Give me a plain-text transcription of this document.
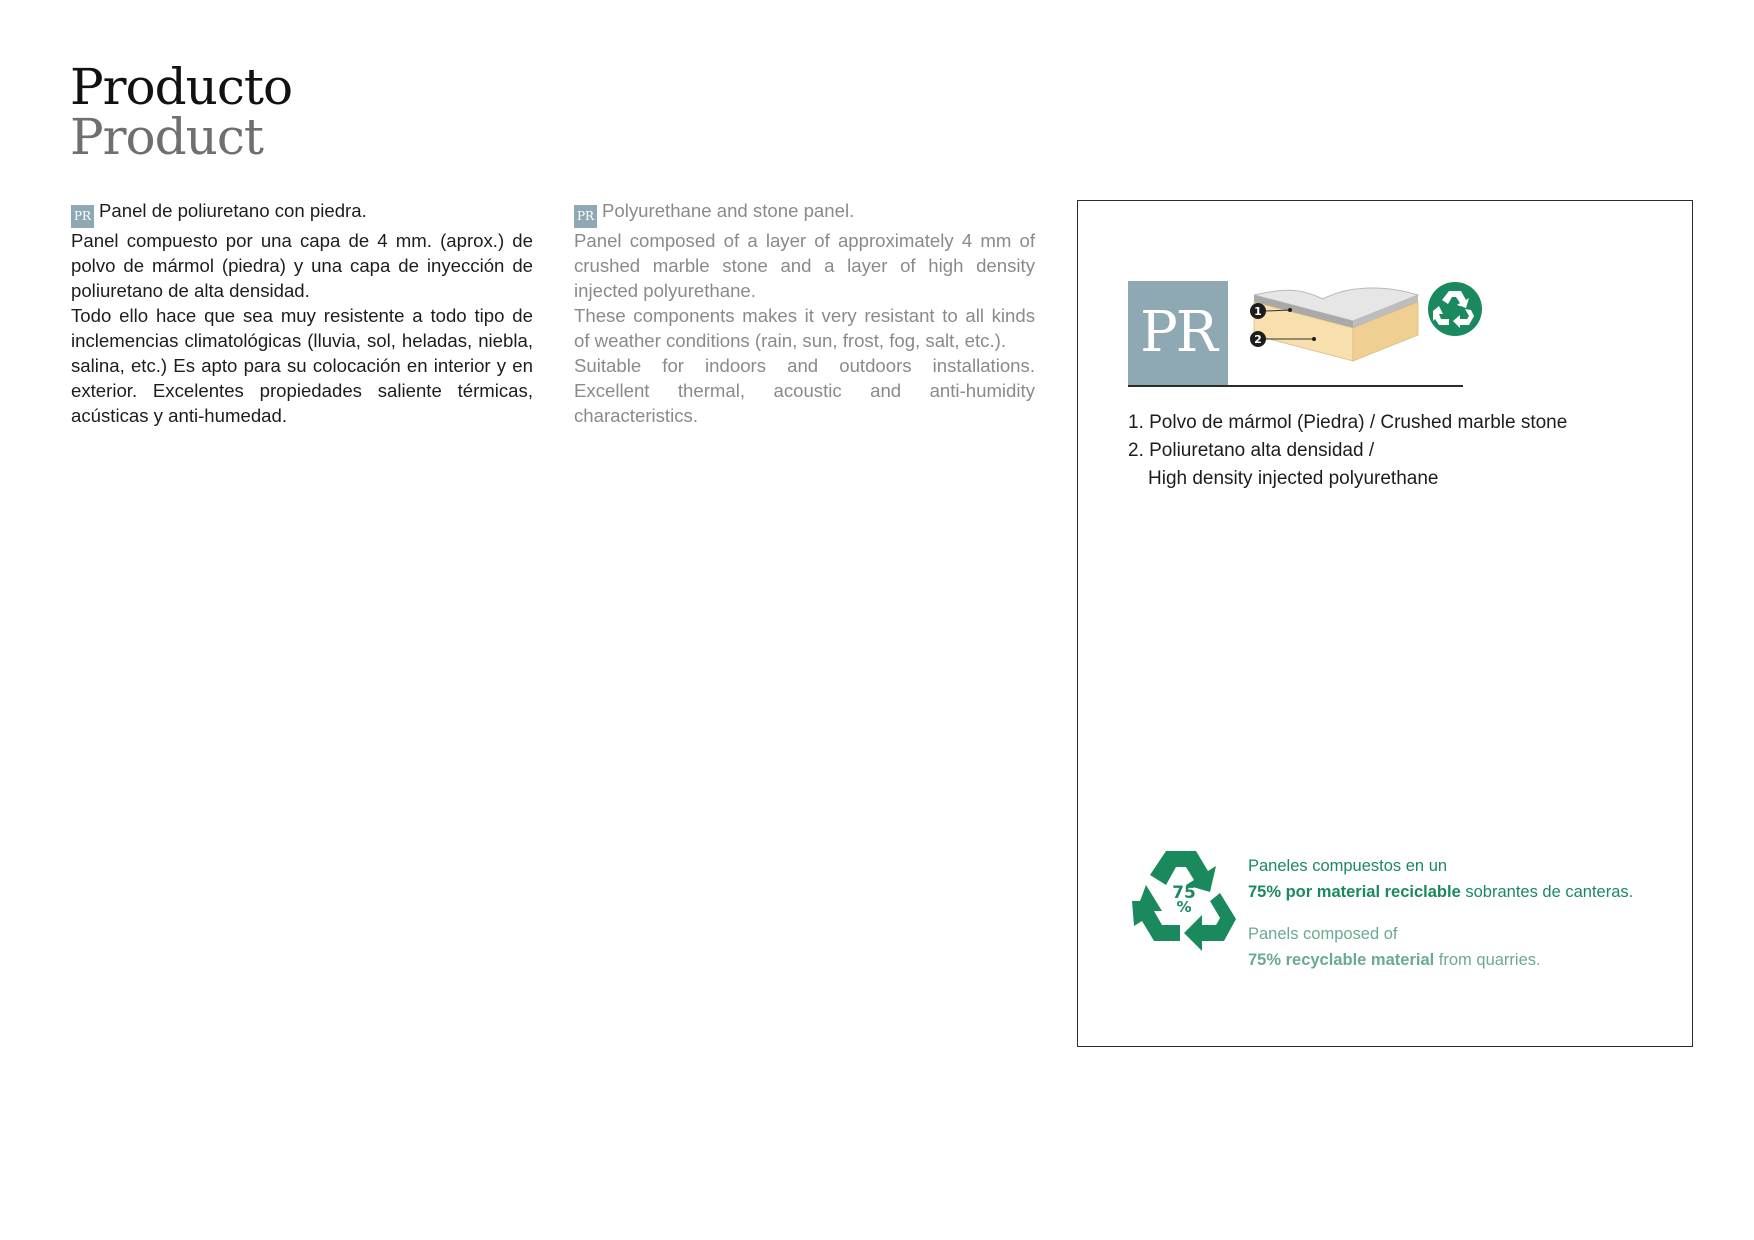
Producto
Product

PR Panel de poliuretano con piedra.

Panel compuesto por una capa de 4 mm. (aprox.) de polvo de mármol (piedra) y una capa de inyección de poliuretano de alta densidad.

Todo ello hace que sea muy resistente a todo tipo de inclemencias climatológicas (lluvia, sol, heladas, niebla, salina, etc.) Es apto para su colocación en interior y en exterior. Excelentes propiedades saliente térmicas, acústicas y anti-humedad.

PR Polyurethane and stone panel.

Panel composed of a layer of approximately 4 mm of crushed marble stone and a layer of high density injected polyurethane.

These components makes it very resistant to all kinds of weather conditions (rain, sun, frost, fog, salt, etc.).

Suitable for indoors and outdoors installations. Excellent thermal, acoustic and anti-humidity characteristics.

PR	1
2
75%
1. Polvo de mármol (Piedra) / Crushed marble stone
2. Poliuretano alta densidad /
High density injected polyurethane
75
%
Paneles compuestos en un
75% por material reciclable sobrantes de canteras.
Panels composed of
75% recyclable material from quarries.
